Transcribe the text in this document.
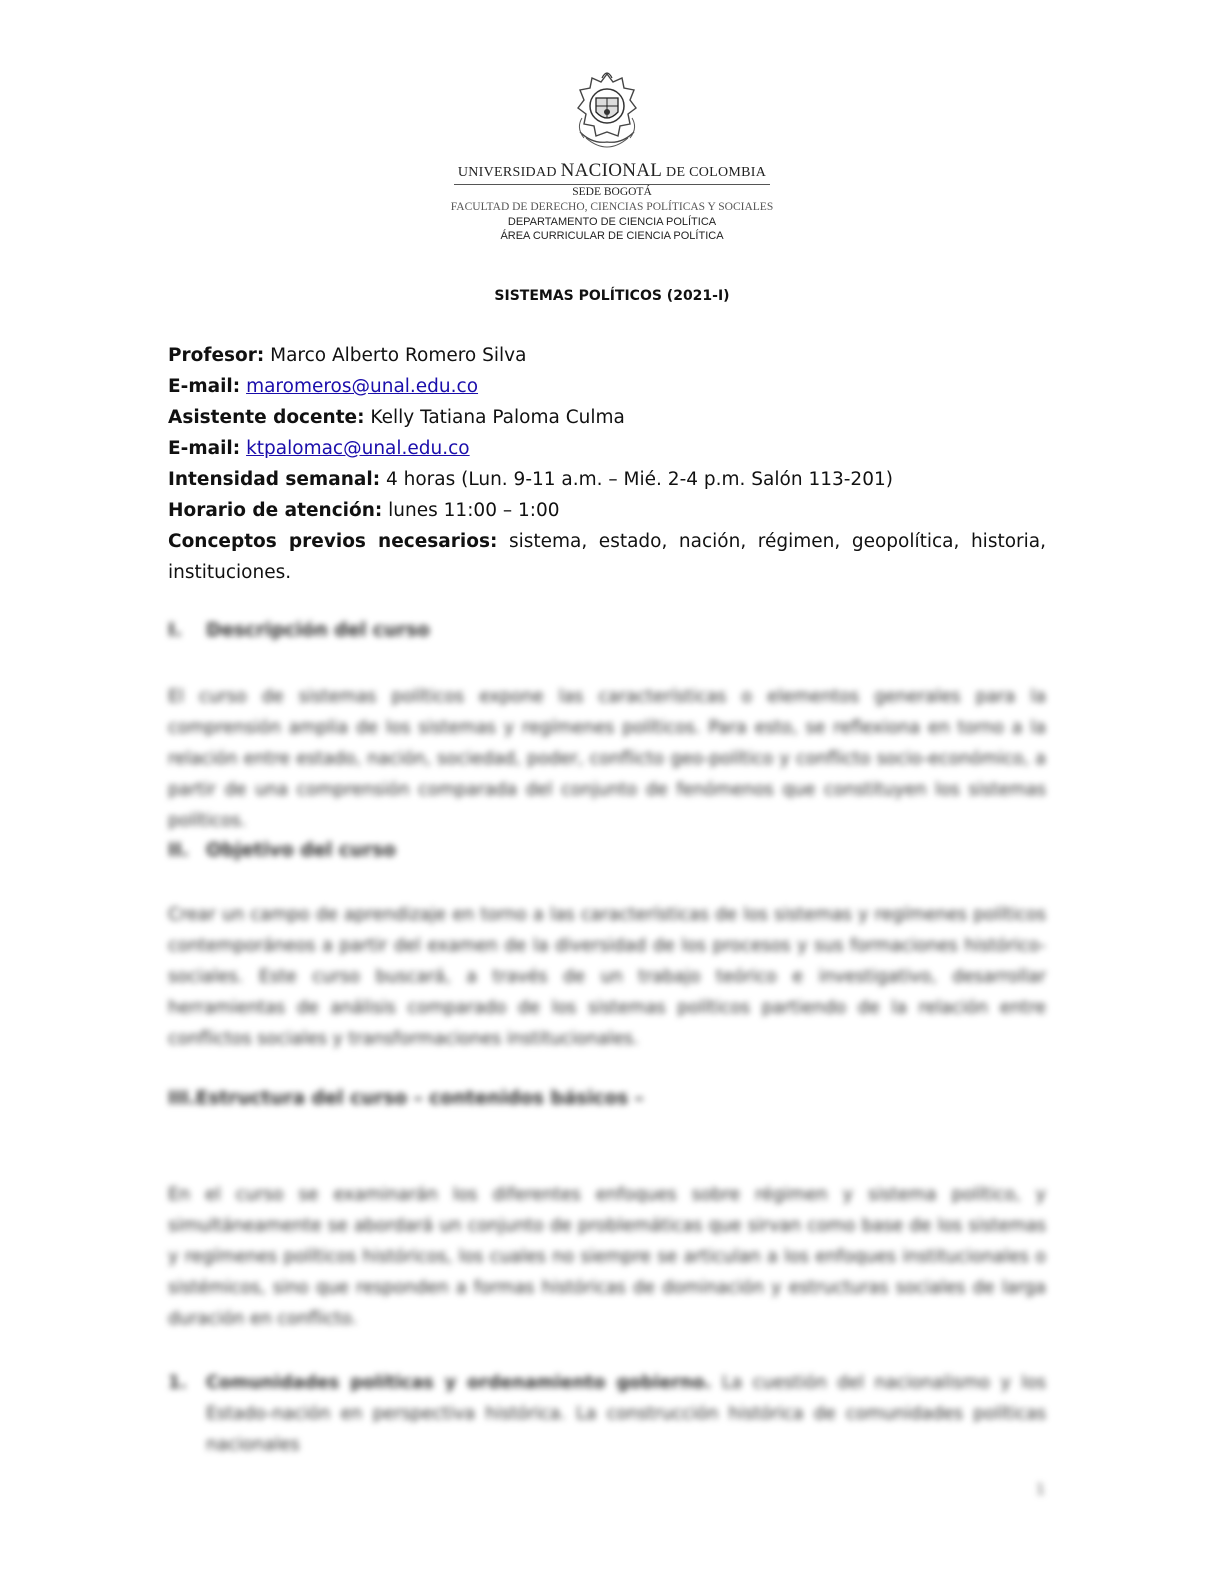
UNIVERSIDAD NACIONAL DE COLOMBIA
SEDE BOGOTÁ
FACULTAD DE DERECHO, CIENCIAS POLÍTICAS Y SOCIALES
DEPARTAMENTO DE CIENCIA POLÍTICA
ÁREA CURRICULAR DE CIENCIA POLÍTICA
SISTEMAS POLÍTICOS (2021-I)
Profesor: Marco Alberto Romero Silva
E-mail: maromeros@unal.edu.co
Asistente docente: Kelly Tatiana Paloma Culma
E-mail: ktpalomac@unal.edu.co
Intensidad semanal: 4 horas (Lun. 9-11 a.m. – Mié. 2-4 p.m. Salón 113-201)
Horario de atención: lunes 11:00 – 1:00
Conceptos previos necesarios: sistema, estado, nación, régimen, geopolítica, historia,
instituciones.
I. Descripción del curso

El curso de sistemas políticos expone las características o elementos generales para la comprensión amplia de los sistemas y regímenes políticos. Para esto, se reflexiona en torno a la relación entre estado, nación, sociedad, poder, conflicto geo-político y conflicto socio-económico, a partir de una comprensión comparada del conjunto de fenómenos que constituyen los sistemas políticos.

II. Objetivo del curso

Crear un campo de aprendizaje en torno a las características de los sistemas y regímenes políticos contemporáneos a partir del examen de la diversidad de los procesos y sus formaciones histórico-sociales. Este curso buscará, a través de un trabajo teórico e investigativo, desarrollar herramientas de análisis comparado de los sistemas políticos partiendo de la relación entre conflictos sociales y transformaciones institucionales.

III.Estructura del curso – contenidos básicos –

En el curso se examinarán los diferentes enfoques sobre régimen y sistema político, y simultáneamente se abordará un conjunto de problemáticas que sirvan como base de los sistemas y regímenes políticos históricos, los cuales no siempre se articulan a los enfoques institucionales o sistémicos, sino que responden a formas históricas de dominación y estructuras sociales de larga duración en conflicto.

1. Comunidades políticas y ordenamiento gobierno. La cuestión del nacionalismo y los Estado-nación en perspectiva histórica. La construcción histórica de comunidades políticas nacionales
1
